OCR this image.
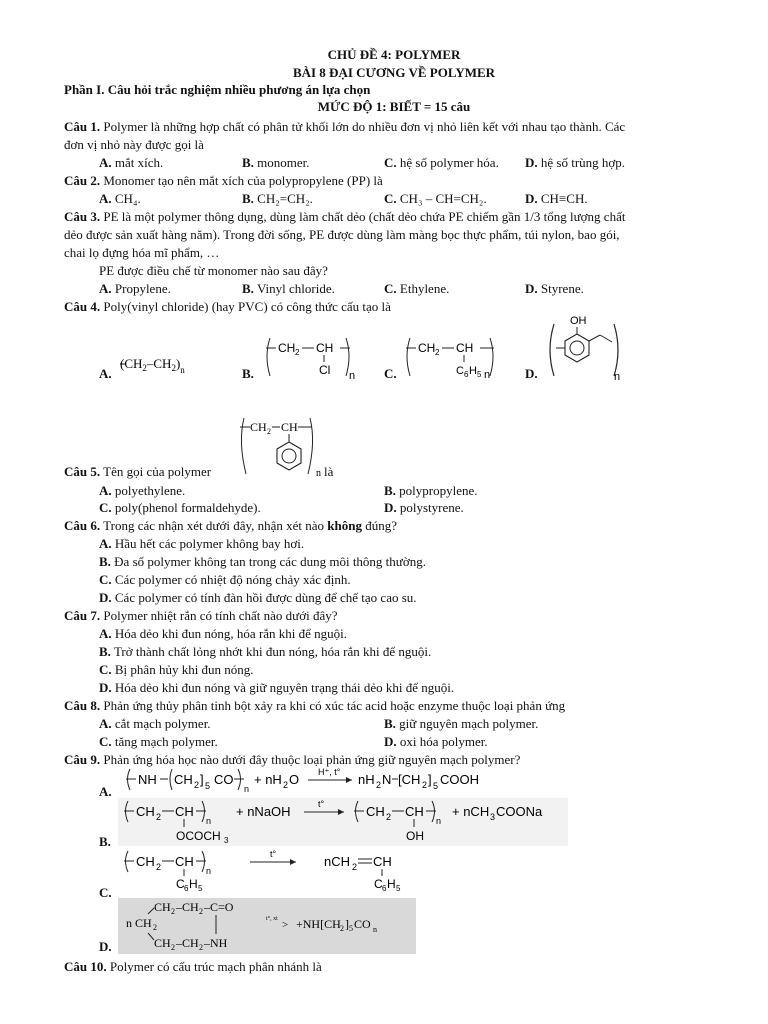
CHỦ ĐỀ 4: POLYMER
BÀI 8 ĐẠI CƯƠNG VỀ POLYMER
Phần I. Câu hỏi trắc nghiệm nhiều phương án lựa chọn
MỨC ĐỘ 1: BIẾT = 15 câu
Câu 1. Polymer là những hợp chất có phân tử khối lớn do nhiều đơn vị nhỏ liên kết với nhau tạo thành. Các
đơn vị nhỏ này được gọi là
A. mắt xích.	B. monomer.	C. hệ số polymer hóa. D. hệ số trùng hợp.
Câu 2. Monomer tạo nên mắt xích của polypropylene (PP) là
A. CH₄.	B. CH₂=CH₂.	C. CH₃ – CH=CH₂.	D. CH≡CH.
Câu 3. PE là một polymer thông dụng, dùng làm chất dẻo (chất dẻo chứa PE chiếm gần 1/3 tổng lượng chất
dẻo được sản xuất hàng năm). Trong đời sống, PE được dùng làm màng bọc thực phẩm, túi nylon, bao gói,
chai lọ đựng hóa mĩ phẩm, …
PE được điều chế từ monomer nào sau đây?
A. Propylene.	B. Vinyl chloride.	C. Ethylene.	D. Styrene.
Câu 4. Poly(vinyl chloride) (hay PVC) có công thức cấu tạo là
A.
$(CH_2-CH_2)_n$	B.
CH 2 CH
Cl n C.
CH 2 CH
C 6 H 5 n	D.
OH
n
CH 2 CH
n
Câu 5. Tên gọi của polymer	là
A. polyethylene.	B. polypropylene.
C. poly(phenol formaldehyde).	D. polystyrene.
Câu 6. Trong các nhận xét dưới đây, nhận xét nào không đúng?
A. Hầu hết các polymer không bay hơi.
B. Đa số polymer không tan trong các dung môi thông thường.
C. Các polymer có nhiệt độ nóng chảy xác định.
D. Các polymer có tính đàn hồi được dùng để chế tạo cao su.
Câu 7. Polymer nhiệt rắn có tính chất nào dưới đây?
A. Hóa dẻo khi đun nóng, hóa rắn khi để nguội.
B. Trở thành chất lỏng nhớt khi đun nóng, hóa rắn khi để nguội.
C. Bị phân hủy khi đun nóng.
D. Hóa dẻo khi đun nóng và giữ nguyên trạng thái dẻo khi để nguội.
Câu 8. Phản ứng thủy phân tinh bột xảy ra khi có xúc tác acid hoặc enzyme thuộc loại phản ứng
A. cắt mạch polymer.	B. giữ nguyên mạch polymer.
C. tăng mạch polymer.	D. oxi hóa polymer.
Câu 9. Phản ứng hóa học nào dưới đây thuộc loại phản ứng giữ nguyên mạch polymer?
A.
NH CH 2 ] 5 CO
n
+ nH 2 O H⁺, t° nH 2 N [CH 2 ] 5 COOH
B.
CH 2 CH
n
OCOCH 3
+ nNaOH	t°	CH 2 CH
n
OH
+ nCH 3 COONa
C.
CH 2 CH
n
C 6 H 5
t°	nCH 2 CH
C 6 H 5
D.
CH 2 –CH 2 –C=O
n CH 2
CH 2 –CH 2 –NH
t°, xt > +NH[CH 2 ] 5 CO n
Câu 10. Polymer có cấu trúc mạch phân nhánh là
